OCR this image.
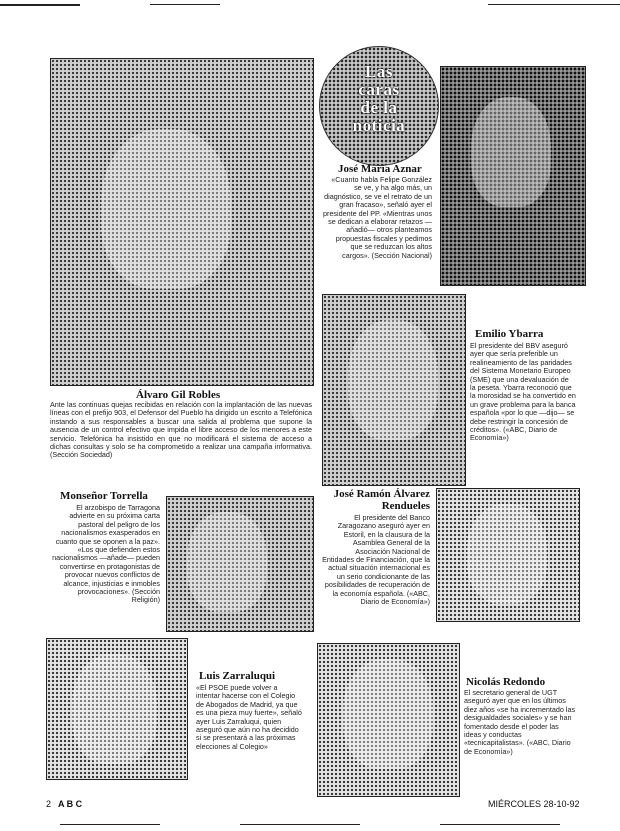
Las
caras
de la
noticia
José María Aznar
«Cuanto habla Felipe González se ve, y ha algo más, un diagnóstico, se ve el retrato de un gran fracaso», señaló ayer el presidente del PP. «Mientras unos se dedican a elaborar retazos —añadió— otros planteamos propuestas fiscales y pedimos que se reduzcan los altos cargos». (Sección Nacional)
Álvaro Gil Robles
Ante las continuas quejas recibidas en relación con la implantación de las nuevas líneas con el prefijo 903, el Defensor del Pueblo ha dirigido un escrito a Telefónica instando a sus responsables a buscar una salida al problema que supone la ausencia de un control efectivo que impida el libre acceso de los menores a este servicio. Telefónica ha insistido en que no modificará el sistema de acceso a dichas consultas y solo se ha comprometido a realizar una campaña informativa. (Sección Sociedad)
Emilio Ybarra
El presidente del BBV aseguró ayer que sería preferible un realineamiento de las paridades del Sistema Monetario Europeo (SME) que una devaluación de la peseta. Ybarra reconoció que la morosidad se ha convertido en un grave problema para la banca española «por lo que —dijo— se debe restringir la concesión de créditos». («ABC, Diario de Economía»)
Monseñor Torrella
El arzobispo de Tarragona advierte en su próxima carta pastoral del peligro de los nacionalismos exasperados en cuanto que se oponen a la paz». «Los que defienden estos nacionalismos —añade— pueden convertirse en protagonistas de provocar nuevos conflictos de alcance, injusticias e inmobles provocaciones». (Sección Religión)
José Ramón Álvarez
Rendueles
El presidente del Banco Zaragozano aseguró ayer en Estoril, en la clausura de la Asamblea General de la Asociación Nacional de Entidades de Financiación, que la actual situación internacional es un serio condicionante de las posibilidades de recuperación de la economía española. («ABC, Diario de Economía»)
Luis Zarraluqui
«El PSOE puede volver a intentar hacerse con el Colegio de Abogados de Madrid, ya que es una pieza muy fuerte», señaló ayer Luis Zarraluqui, quien aseguró que aún no ha decidido si se presentará a las próximas elecciones al Colegio»
Nicolás Redondo
El secretario general de UGT aseguró ayer que en los últimos diez años «se ha incrementado las desigualdades sociales» y se han fomentado desde el poder las ideas y conductas «tecnicapitalistas». («ABC, Diario de Economía»)
2 A B C	MIÉRCOLES 28-10-92
